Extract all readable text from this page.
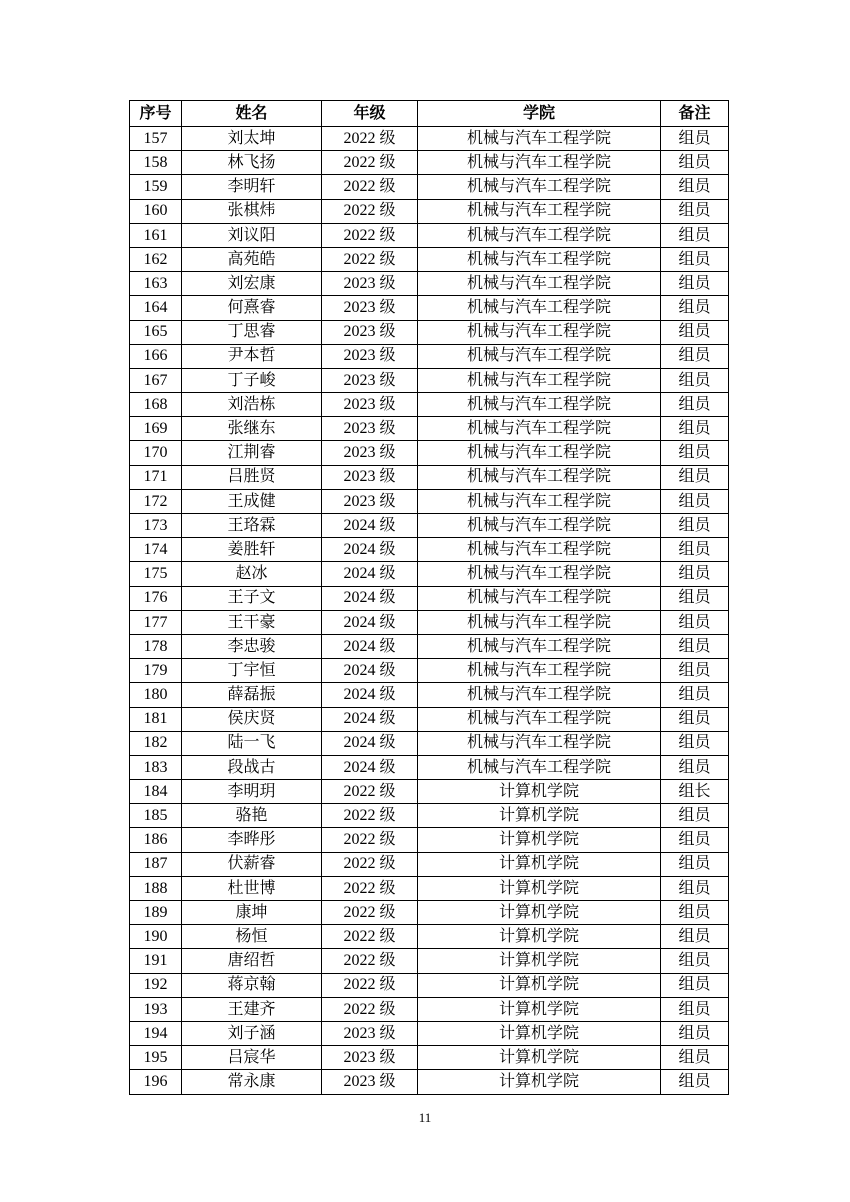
序号	姓名	年级	学院	备注
157	刘太坤	2022 级	机械与汽车工程学院	组员
158	林飞扬	2022 级	机械与汽车工程学院	组员
159	李明轩	2022 级	机械与汽车工程学院	组员
160	张棋炜	2022 级	机械与汽车工程学院	组员
161	刘议阳	2022 级	机械与汽车工程学院	组员
162	高苑皓	2022 级	机械与汽车工程学院	组员
163	刘宏康	2023 级	机械与汽车工程学院	组员
164	何熹睿	2023 级	机械与汽车工程学院	组员
165	丁思睿	2023 级	机械与汽车工程学院	组员
166	尹本哲	2023 级	机械与汽车工程学院	组员
167	丁子峻	2023 级	机械与汽车工程学院	组员
168	刘浩栋	2023 级	机械与汽车工程学院	组员
169	张继东	2023 级	机械与汽车工程学院	组员
170	江荆睿	2023 级	机械与汽车工程学院	组员
171	吕胜贤	2023 级	机械与汽车工程学院	组员
172	王成健	2023 级	机械与汽车工程学院	组员
173	王珞霖	2024 级	机械与汽车工程学院	组员
174	姜胜轩	2024 级	机械与汽车工程学院	组员
175	赵冰	2024 级	机械与汽车工程学院	组员
176	王子文	2024 级	机械与汽车工程学院	组员
177	王干豪	2024 级	机械与汽车工程学院	组员
178	李忠骏	2024 级	机械与汽车工程学院	组员
179	丁宇恒	2024 级	机械与汽车工程学院	组员
180	薛磊振	2024 级	机械与汽车工程学院	组员
181	侯庆贤	2024 级	机械与汽车工程学院	组员
182	陆一飞	2024 级	机械与汽车工程学院	组员
183	段战古	2024 级	机械与汽车工程学院	组员
184	李明玥	2022 级	计算机学院	组长
185	骆艳	2022 级	计算机学院	组员
186	李晔彤	2022 级	计算机学院	组员
187	伏薪睿	2022 级	计算机学院	组员
188	杜世博	2022 级	计算机学院	组员
189	康坤	2022 级	计算机学院	组员
190	杨恒	2022 级	计算机学院	组员
191	唐绍哲	2022 级	计算机学院	组员
192	蒋京翰	2022 级	计算机学院	组员
193	王建齐	2022 级	计算机学院	组员
194	刘子涵	2023 级	计算机学院	组员
195	吕宸华	2023 级	计算机学院	组员
196	常永康	2023 级	计算机学院	组员
11
